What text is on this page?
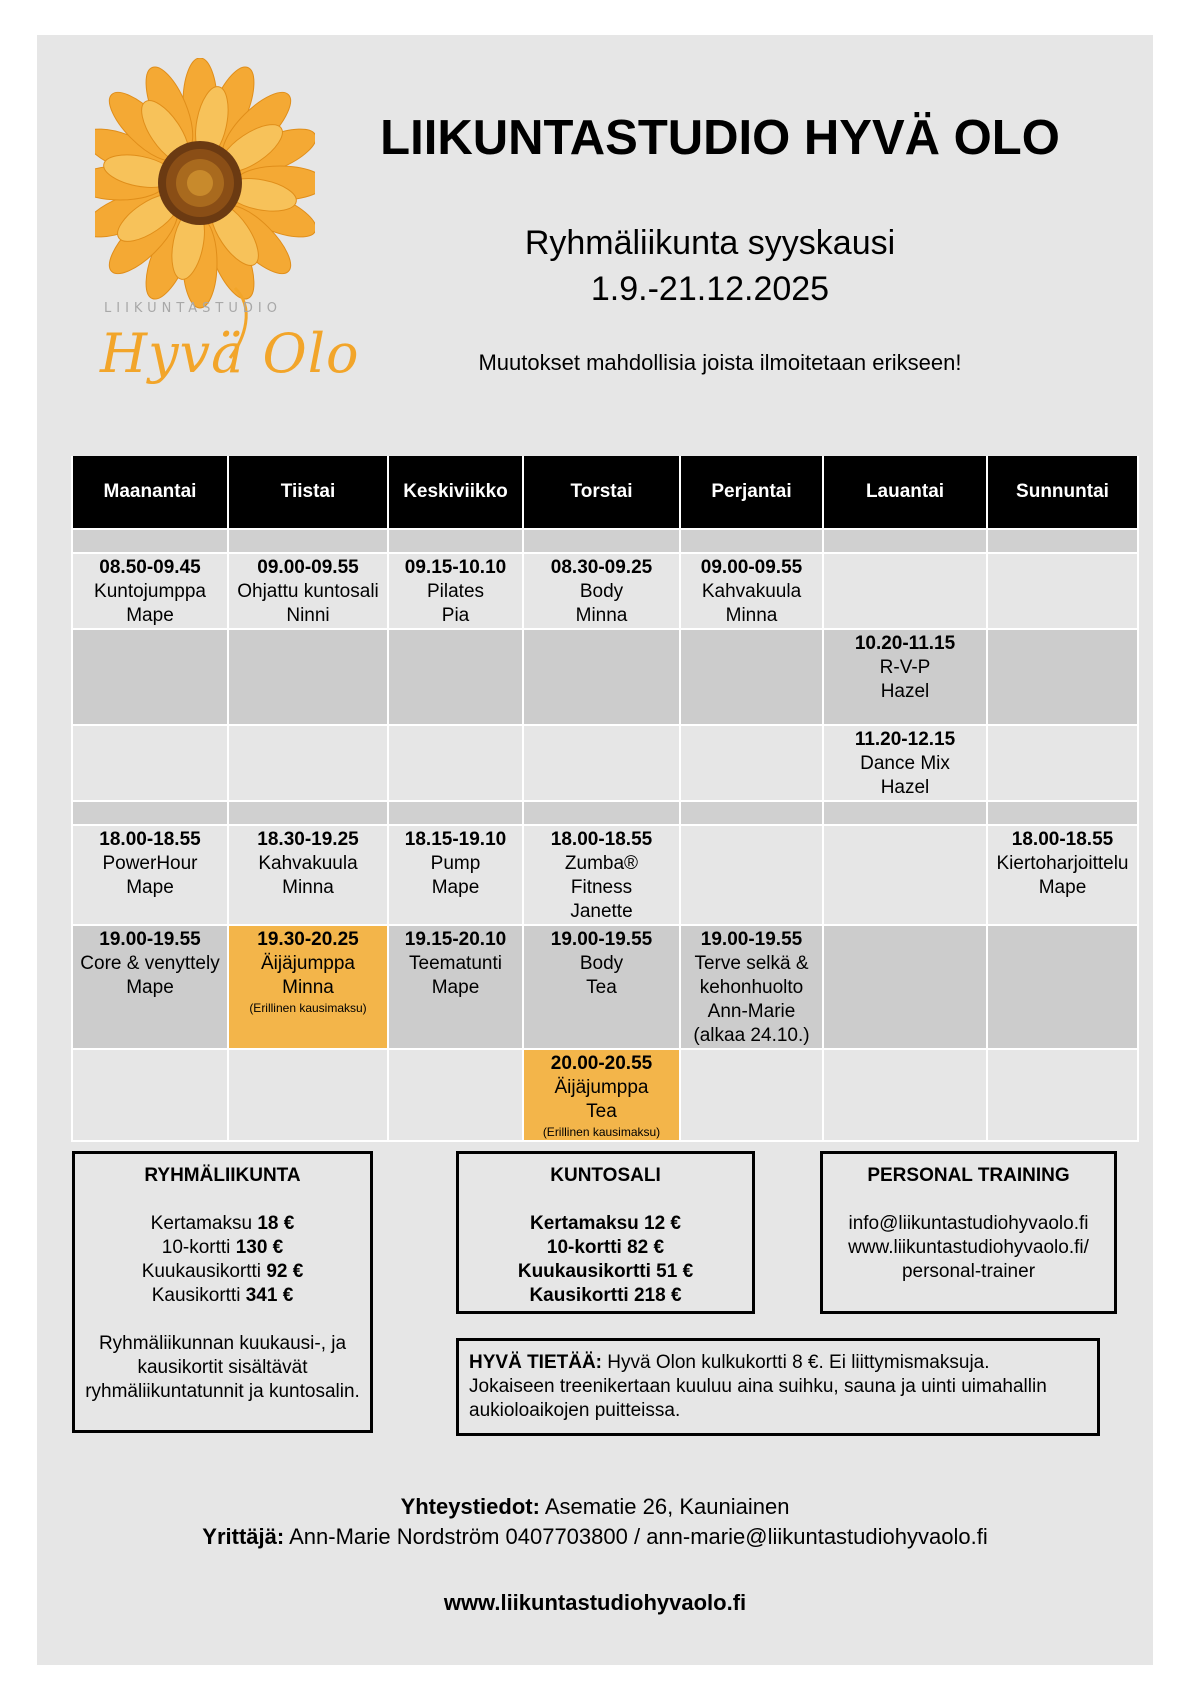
LIIKUNTASTUDIO
Hyvä Olo
LIIKUNTASTUDIO HYVÄ OLO
Ryhmäliikunta syyskausi
1.9.-21.12.2025
Muutokset mahdollisia joista ilmoitetaan erikseen!
Maanantai	Tiistai	Keskiviikko	Torstai	Perjantai	Lauantai	Sunnuntai

08.50-09.45
Kuntojumppa
Mape	09.00-09.55
Ohjattu kuntosali
Ninni	09.15-10.10
Pilates
Pia	08.30-09.25
Body
Minna	09.00-09.55
Kahvakuula
Minna		

					10.20-11.15
R-V-P
Hazel	

					11.20-12.15
Dance Mix
Hazel	

18.00-18.55
PowerHour
Mape	18.30-19.25
Kahvakuula
Minna	18.15-19.10
Pump
Mape	18.00-18.55
Zumba®
Fitness
Janette			18.00-18.55
Kiertoharjoittelu
Mape

19.00-19.55
Core & venyttely
Mape	19.30-20.25
Äijäjumppa
Minna
(Erillinen kausimaksu)	19.15-20.10
Teematunti
Mape	19.00-19.55
Body
Tea	19.00-19.55
Terve selkä &
kehonhuolto
Ann-Marie
(alkaa 24.10.)		

			20.00-20.55
Äijäjumppa
Tea
(Erillinen kausimaksu)			

RYHMÄLIIKUNTA
Kertamaksu 18 €
10-kortti 130 €
Kuukausikortti 92 €
Kausikortti 341 €
Ryhmäliikunnan kuukausi-, ja
kausikortit sisältävät
ryhmäliikuntatunnit ja kuntosalin.
KUNTOSALI
Kertamaksu 12 €
10-kortti 82 €
Kuukausikortti 51 €
Kausikortti 218 €
PERSONAL TRAINING
info@liikuntastudiohyvaolo.fi
www.liikuntastudiohyvaolo.fi/
personal-trainer
HYVÄ TIETÄÄ: Hyvä Olon kulkukortti 8 €. Ei liittymismaksuja.
Jokaiseen treenikertaan kuuluu aina suihku, sauna ja uinti uimahallin
aukioloaikojen puitteissa.
Yhteystiedot: Asematie 26, Kauniainen
Yrittäjä: Ann-Marie Nordström 0407703800 / ann-marie@liikuntastudiohyvaolo.fi
www.liikuntastudiohyvaolo.fi
